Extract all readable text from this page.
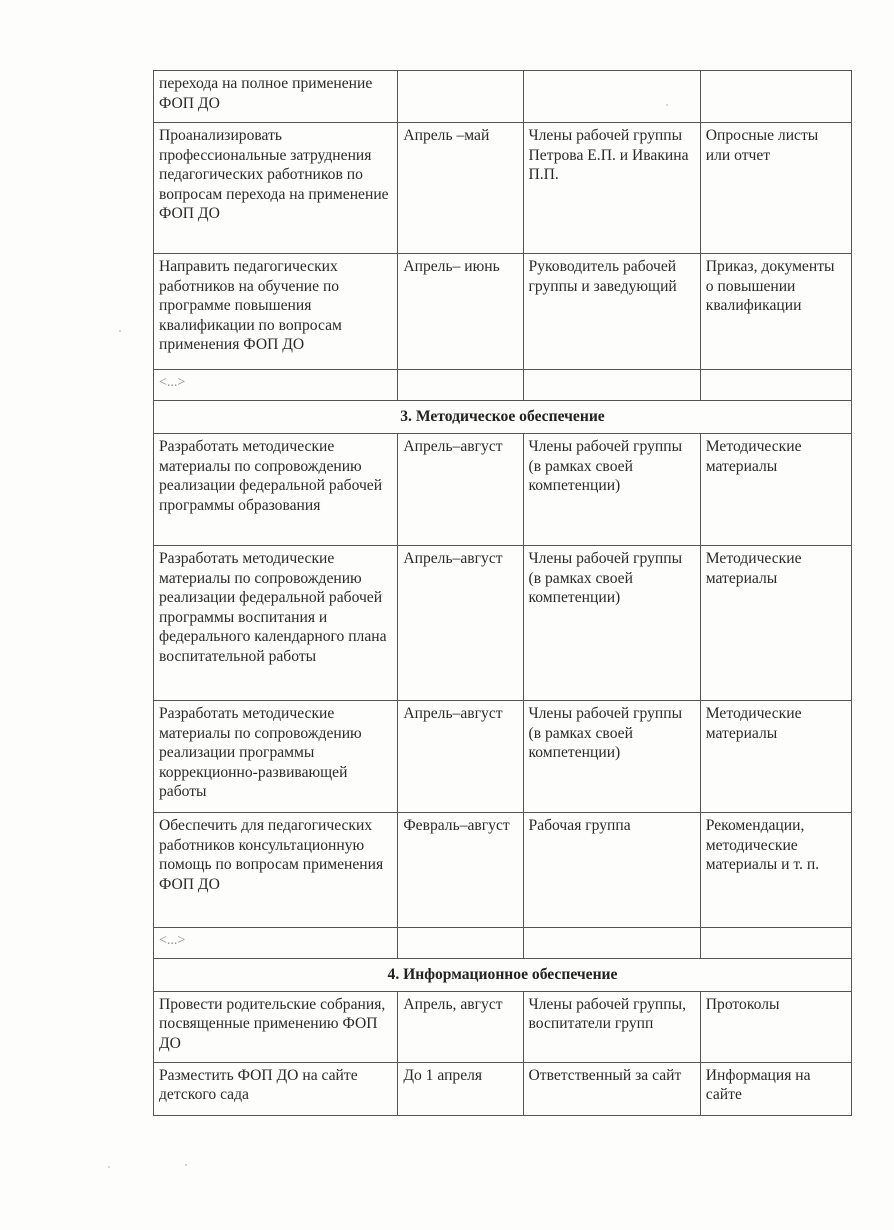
перехода на полное применение ФОП ДО			
Проанализировать профессиональные затруднения педагогических работников по вопросам перехода на применение ФОП ДО	Апрель –май	Члены рабочей группы Петрова Е.П. и Ивакина П.П.	Опросные листы или отчет
Направить педагогических работников на обучение по программе повышения квалификации по вопросам применения ФОП ДО	Апрель– июнь	Руководитель рабочей группы и заведующий	Приказ, документы о повышении квалификации
<...>			
3. Методическое обеспечение			
Разработать методические материалы по сопровождению реализации федеральной рабочей программы образования	Апрель–август	Члены рабочей группы (в рамках своей компетенции)	Методические материалы
Разработать методические материалы по сопровождению реализации федеральной рабочей программы воспитания и федерального календарного плана воспитательной работы	Апрель–август	Члены рабочей группы (в рамках своей компетенции)	Методические материалы
Разработать методические материалы по сопровождению реализации программы коррекционно-развивающей работы	Апрель–август	Члены рабочей группы (в рамках своей компетенции)	Методические материалы
Обеспечить для педагогических работников консультационную помощь по вопросам применения ФОП ДО	Февраль–август	Рабочая группа	Рекомендации, методические материалы и т. п.
<...>			
4. Информационное обеспечение			
Провести родительские собрания, посвященные применению ФОП ДО	Апрель, август	Члены рабочей группы, воспитатели групп	Протоколы
Разместить ФОП ДО на сайте детского сада	До 1 апреля	Ответственный за сайт	Информация на сайте
